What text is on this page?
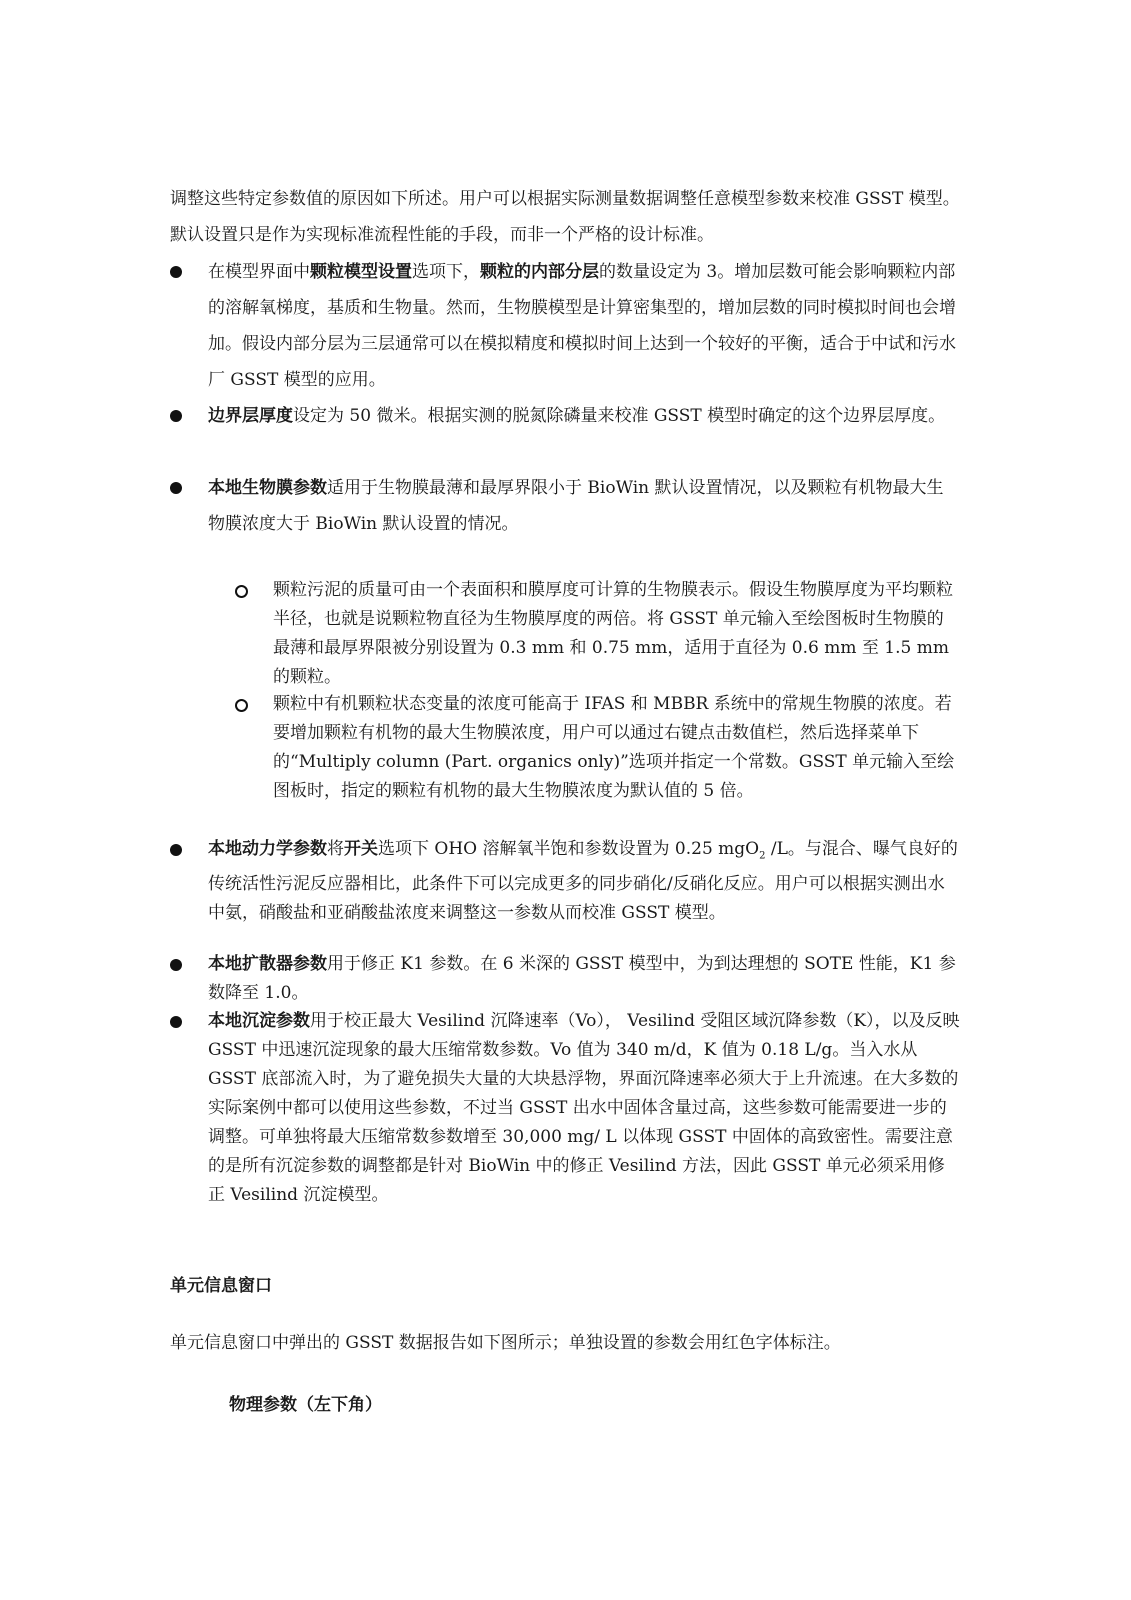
调整这些特定参数值的原因如下所述。用户可以根据实际测量数据调整任意模型参数来校准 GSST 模型。默认设置只是作为实现标准流程性能的手段，而非一个严格的设计标准。
在模型界面中颗粒模型设置选项下，颗粒的内部分层的数量设定为 3。增加层数可能会影响颗粒内部的溶解氧梯度，基质和生物量。然而，生物膜模型是计算密集型的，增加层数的同时模拟时间也会增加。假设内部分层为三层通常可以在模拟精度和模拟时间上达到一个较好的平衡，适合于中试和污水厂 GSST 模型的应用。
边界层厚度设定为 50 微米。根据实测的脱氮除磷量来校准 GSST 模型时确定的这个边界层厚度。
本地生物膜参数适用于生物膜最薄和最厚界限小于 BioWin 默认设置情况，以及颗粒有机物最大生物膜浓度大于 BioWin 默认设置的情况。
颗粒污泥的质量可由一个表面积和膜厚度可计算的生物膜表示。假设生物膜厚度为平均颗粒半径，也就是说颗粒物直径为生物膜厚度的两倍。将 GSST 单元输入至绘图板时生物膜的最薄和最厚界限被分别设置为 0.3 mm 和 0.75 mm，适用于直径为 0.6 mm 至 1.5 mm 的颗粒。
颗粒中有机颗粒状态变量的浓度可能高于 IFAS 和 MBBR 系统中的常规生物膜的浓度。若要增加颗粒有机物的最大生物膜浓度，用户可以通过右键点击数值栏，然后选择菜单下的“Multiply column (Part. organics only)”选项并指定一个常数。GSST 单元输入至绘图板时，指定的颗粒有机物的最大生物膜浓度为默认值的 5 倍。
本地动力学参数将开关选项下 OHO 溶解氧半饱和参数设置为 0.25 mgO$_2$ /L。与混合、曝气良好的传统活性污泥反应器相比，此条件下可以完成更多的同步硝化/反硝化反应。用户可以根据实测出水中氨，硝酸盐和亚硝酸盐浓度来调整这一参数从而校准 GSST 模型。
本地扩散器参数用于修正 K1 参数。在 6 米深的 GSST 模型中，为到达理想的 SOTE 性能，K1 参数降至 1.0。
本地沉淀参数用于校正最大 Vesilind 沉降速率（Vo）， Vesilind 受阻区域沉降参数（K），以及反映 GSST 中迅速沉淀现象的最大压缩常数参数。Vo 值为 340 m/d，K 值为 0.18 L/g。当入水从 GSST 底部流入时，为了避免损失大量的大块悬浮物，界面沉降速率必须大于上升流速。在大多数的实际案例中都可以使用这些参数，不过当 GSST 出水中固体含量过高，这些参数可能需要进一步的调整。可单独将最大压缩常数参数增至 30,000 mg/ L 以体现 GSST 中固体的高致密性。需要注意的是所有沉淀参数的调整都是针对 BioWin 中的修正 Vesilind 方法，因此 GSST 单元必须采用修正 Vesilind 沉淀模型。
单元信息窗口
单元信息窗口中弹出的 GSST 数据报告如下图所示；单独设置的参数会用红色字体标注。
物理参数（左下角）
